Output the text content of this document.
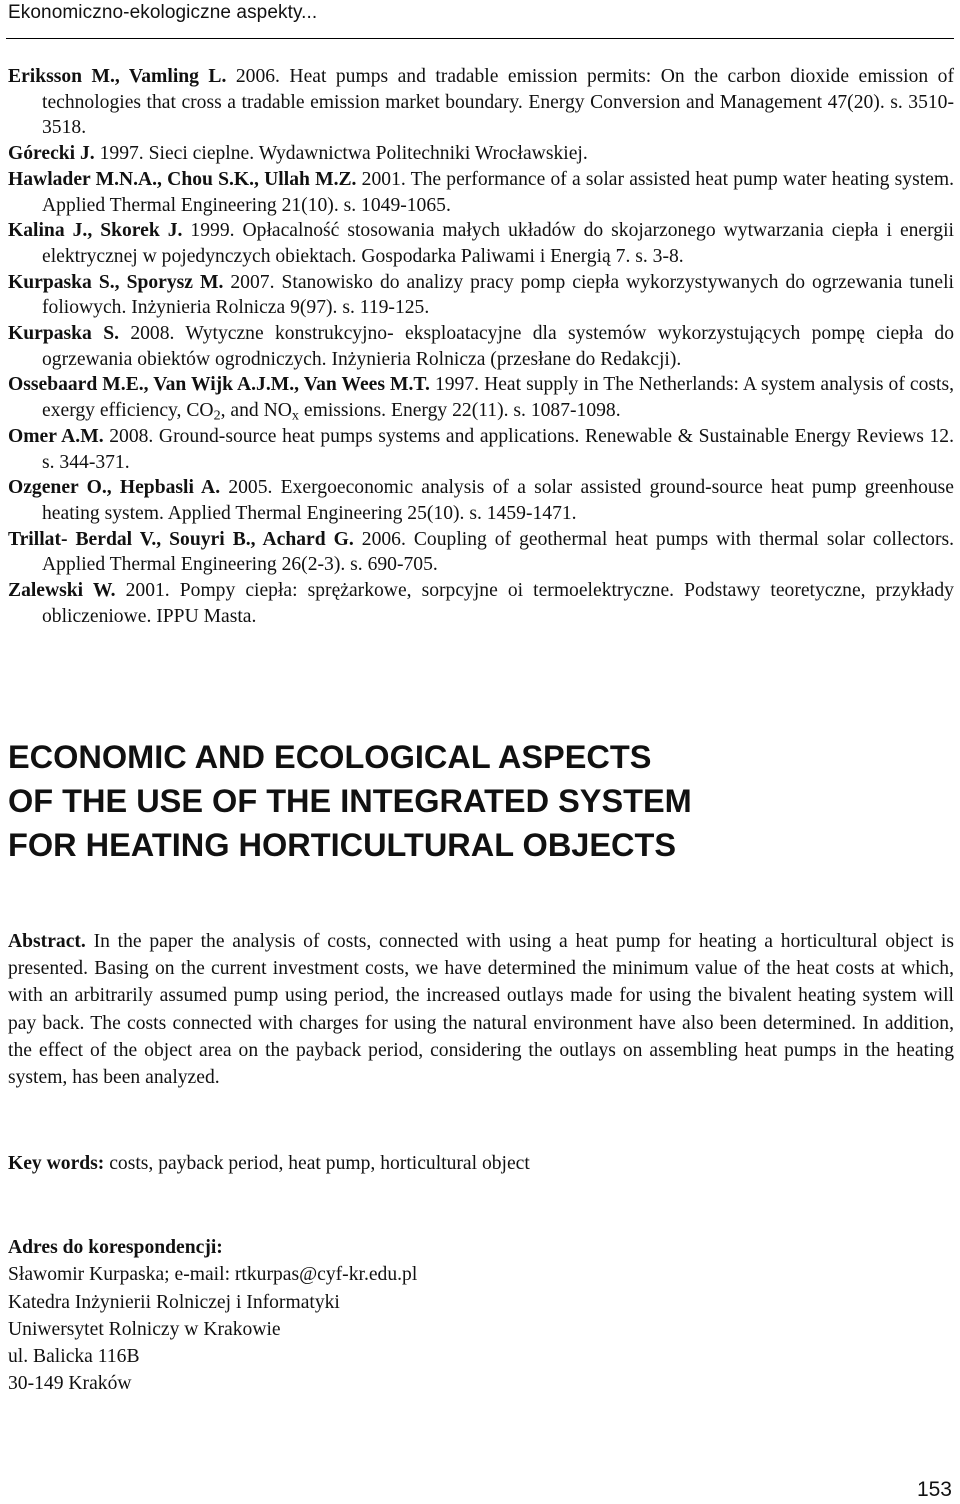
Ekonomiczno-ekologiczne aspekty...

Eriksson M., Vamling L. 2006. Heat pumps and tradable emission permits: On the carbon dioxide emission of technologies that cross a tradable emission market boundary. Energy Conversion and Management 47(20). s. 3510-3518.

Górecki J. 1997. Sieci cieplne. Wydawnictwa Politechniki Wrocławskiej.

Hawlader M.N.A., Chou S.K., Ullah M.Z. 2001. The performance of a solar assisted heat pump water heating system. Applied Thermal Engineering 21(10). s. 1049-1065.

Kalina J., Skorek J. 1999. Opłacalność stosowania małych układów do skojarzonego wytwarzania ciepła i energii elektrycznej w pojedynczych obiektach. Gospodarka Paliwami i Energią 7. s. 3-8.

Kurpaska S., Sporysz M. 2007. Stanowisko do analizy pracy pomp ciepła wykorzystywanych do ogrzewania tuneli foliowych. Inżynieria Rolnicza 9(97). s. 119-125.

Kurpaska S. 2008. Wytyczne konstrukcyjno- eksploatacyjne dla systemów wykorzystujących pompę ciepła do ogrzewania obiektów ogrodniczych. Inżynieria Rolnicza (przesłane do Redakcji).

Ossebaard M.E., Van Wijk A.J.M., Van Wees M.T. 1997. Heat supply in The Netherlands: A system analysis of costs, exergy efficiency, $CO_2$, and $NO_x$ emissions. Energy 22(11). s. 1087-1098.

Omer A.M. 2008. Ground-source heat pumps systems and applications. Renewable & Sustainable Energy Reviews 12. s. 344-371.

Ozgener O., Hepbasli A. 2005. Exergoeconomic analysis of a solar assisted ground-source heat pump greenhouse heating system. Applied Thermal Engineering 25(10). s. 1459-1471.

Trillat- Berdal V., Souyri B., Achard G. 2006. Coupling of geothermal heat pumps with thermal solar collectors. Applied Thermal Engineering 26(2-3). s. 690-705.

Zalewski W. 2001. Pompy ciepła: sprężarkowe, sorpcyjne oi termoelektryczne. Podstawy teoretyczne, przykłady obliczeniowe. IPPU Masta.

ECONOMIC AND ECOLOGICAL ASPECTS
OF THE USE OF THE INTEGRATED SYSTEM
FOR HEATING HORTICULTURAL OBJECTS
Abstract. In the paper the analysis of costs, connected with using a heat pump for heating a horticultural object is presented. Basing on the current investment costs, we have determined the minimum value of the heat costs at which, with an arbitrarily assumed pump using period, the increased outlays made for using the bivalent heating system will pay back. The costs connected with charges for using the natural environment have also been determined. In addition, the effect of the object area on the payback period, considering the outlays on assembling heat pumps in the heating system, has been analyzed.
Key words: costs, payback period, heat pump, horticultural object
Adres do korespondencji:
Sławomir Kurpaska; e-mail: rtkurpas@cyf-kr.edu.pl
Katedra Inżynierii Rolniczej i Informatyki
Uniwersytet Rolniczy w Krakowie
ul. Balicka 116B
30-149 Kraków
153
